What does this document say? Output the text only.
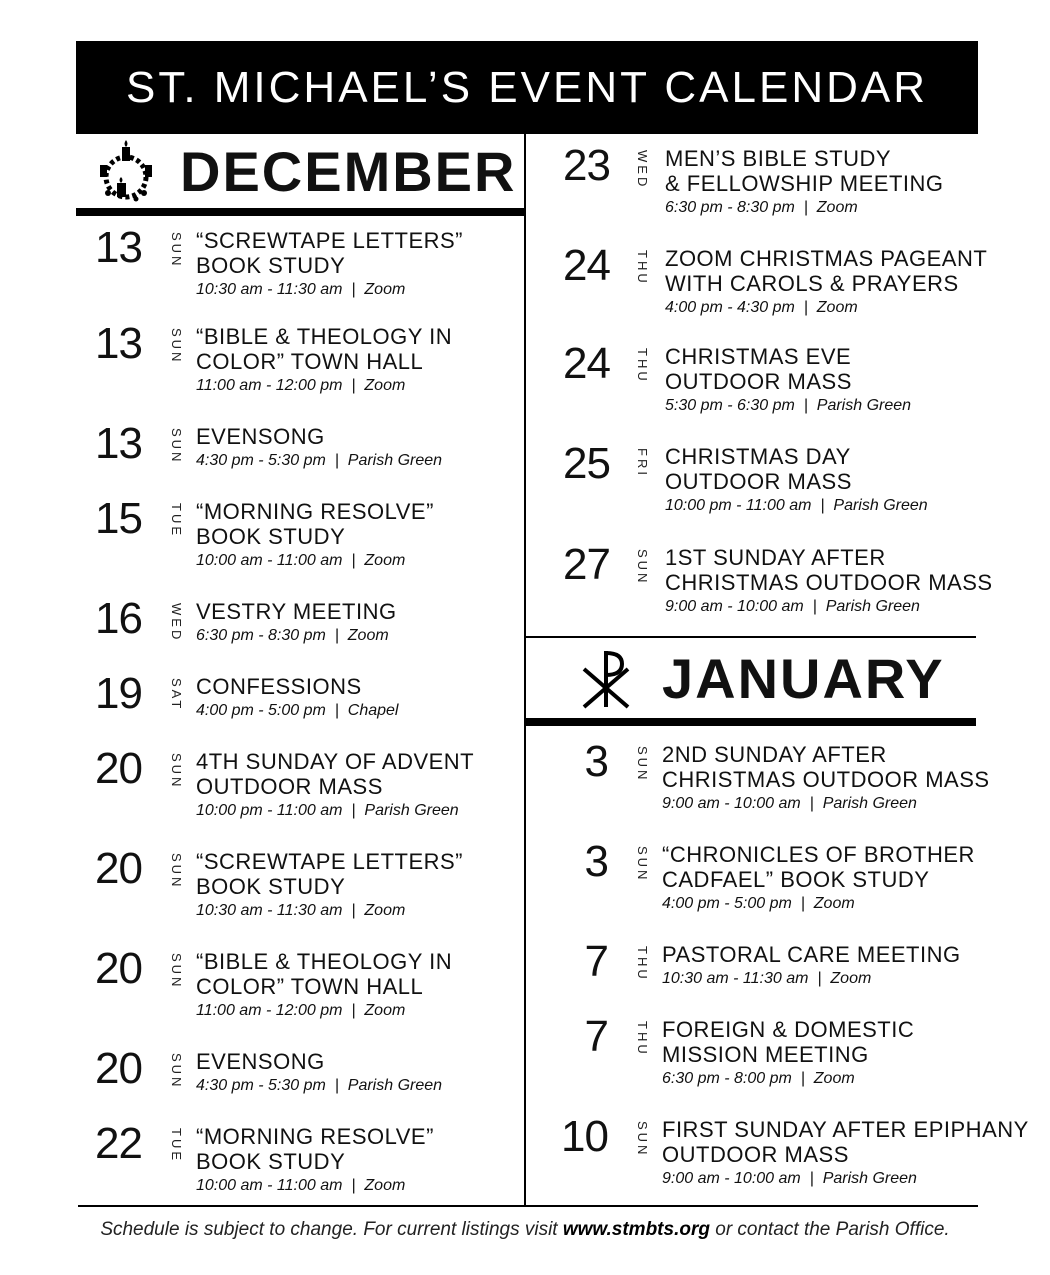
ST. MICHAEL’S EVENT CALENDAR
DECEMBER
13 SUN “SCREWTAPE LETTERS”
BOOK STUDY
10:30 am - 11:30 am  |  Zoom
13 SUN “BIBLE & THEOLOGY IN
COLOR” TOWN HALL
11:00 am - 12:00 pm  |  Zoom
13 SUN EVENSONG
4:30 pm - 5:30 pm  |  Parish Green
15 TUE “MORNING RESOLVE”
BOOK STUDY
10:00 am - 11:00 am  |  Zoom
16 WED VESTRY MEETING
6:30 pm - 8:30 pm  |  Zoom
19 SAT CONFESSIONS
4:00 pm - 5:00 pm  |  Chapel
20 SUN 4TH SUNDAY OF ADVENT
OUTDOOR MASS
10:00 pm - 11:00 am  |  Parish Green
20 SUN “SCREWTAPE LETTERS”
BOOK STUDY
10:30 am - 11:30 am  |  Zoom
20 SUN “BIBLE & THEOLOGY IN
COLOR” TOWN HALL
11:00 am - 12:00 pm  |  Zoom
20 SUN EVENSONG
4:30 pm - 5:30 pm  |  Parish Green
22 TUE “MORNING RESOLVE”
BOOK STUDY
10:00 am - 11:00 am  |  Zoom
23 WED MEN’S BIBLE STUDY
& FELLOWSHIP MEETING
6:30 pm - 8:30 pm  |  Zoom
24 THU ZOOM CHRISTMAS PAGEANT
WITH CAROLS & PRAYERS
4:00 pm - 4:30 pm  |  Zoom
24 THU CHRISTMAS EVE
OUTDOOR MASS
5:30 pm - 6:30 pm  |  Parish Green
25 FRI CHRISTMAS DAY
OUTDOOR MASS
10:00 pm - 11:00 am  |  Parish Green
27 SUN 1ST SUNDAY AFTER
CHRISTMAS OUTDOOR MASS
9:00 am - 10:00 am  |  Parish Green
JANUARY
3 SUN 2ND SUNDAY AFTER
CHRISTMAS OUTDOOR MASS
9:00 am - 10:00 am  |  Parish Green
3 SUN “CHRONICLES OF BROTHER
CADFAEL” BOOK STUDY
4:00 pm - 5:00 pm  |  Zoom
7 THU PASTORAL CARE MEETING
10:30 am - 11:30 am  |  Zoom
7 THU FOREIGN & DOMESTIC
MISSION MEETING
6:30 pm - 8:00 pm  |  Zoom
10 SUN FIRST SUNDAY AFTER EPIPHANY
OUTDOOR MASS
9:00 am - 10:00 am  |  Parish Green
Schedule is subject to change. For current listings visit www.stmbts.org or contact the Parish Office.
